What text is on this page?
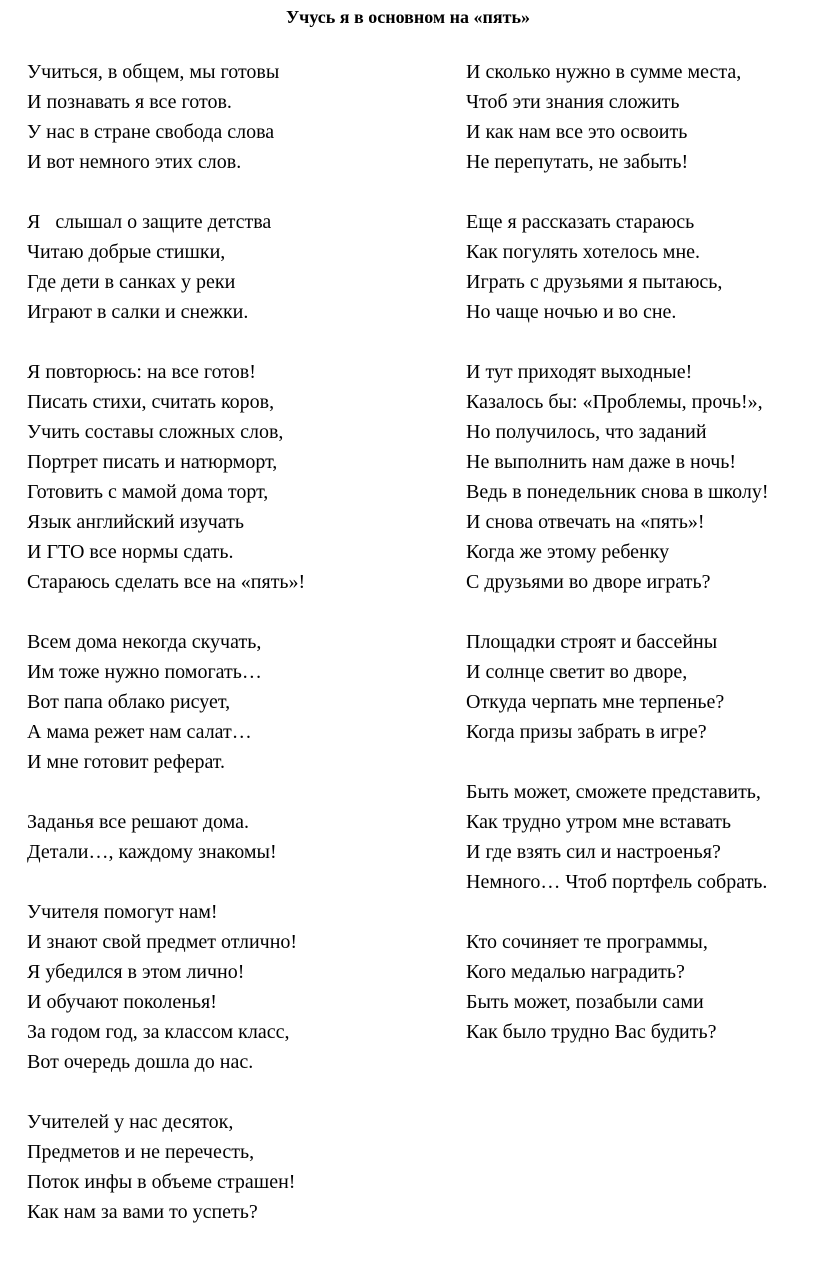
Учусь я в основном на «пять»
Учиться, в общем, мы готовы
И познавать я все готов.
У нас в стране свобода слова
И вот немного этих слов.
Я   слышал о защите детства
Читаю добрые стишки,
Где дети в санках у реки
Играют в салки и снежки.
Я повторюсь: на все готов!
Писать стихи, считать коров,
Учить составы сложных слов,
Портрет писать и натюрморт,
Готовить с мамой дома торт,
Язык английский изучать
И ГТО все нормы сдать.
Стараюсь сделать все на «пять»!
Всем дома некогда скучать,
Им тоже нужно помогать…
Вот папа облако рисует,
А мама режет нам салат…
И мне готовит реферат.
Заданья все решают дома.
Детали…, каждому знакомы!
Учителя помогут нам!
И знают свой предмет отлично!
Я убедился в этом лично!
И обучают поколенья!
За годом год, за классом класс,
Вот очередь дошла до нас.
Учителей у нас десяток,
Предметов и не перечесть,
Поток инфы в объеме страшен!
Как нам за вами то успеть?
И сколько нужно в сумме места,
Чтоб эти знания сложить
И как нам все это освоить
Не перепутать, не забыть!
Еще я рассказать стараюсь
Как погулять хотелось мне.
Играть с друзьями я пытаюсь,
Но чаще ночью и во сне.
И тут приходят выходные!
Казалось бы: «Проблемы, прочь!»,
Но получилось, что заданий
Не выполнить нам даже в ночь!
Ведь в понедельник снова в школу!
И снова отвечать на «пять»!
Когда же этому ребенку
С друзьями во дворе играть?
Площадки строят и бассейны
И солнце светит во дворе,
Откуда черпать мне терпенье?
Когда призы забрать в игре?
Быть может, сможете представить,
Как трудно утром мне вставать
И где взять сил и настроенья?
Немного… Чтоб портфель собрать.
Кто сочиняет те программы,
Кого медалью наградить?
Быть может, позабыли сами
Как было трудно Вас будить?
